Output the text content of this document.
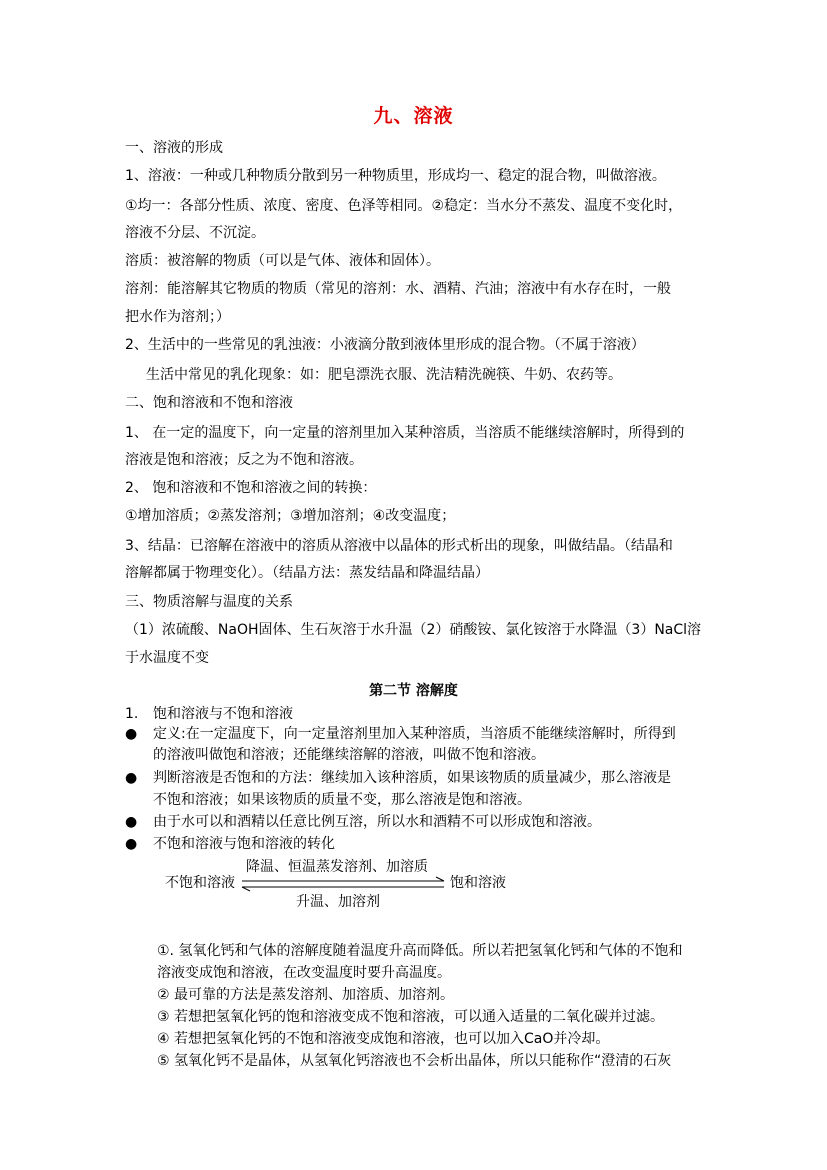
九、溶液
一、溶液的形成
1、溶液：一种或几种物质分散到另一种物质里，形成均一、稳定的混合物，叫做溶液。
①均一：各部分性质、浓度、密度、色泽等相同。②稳定：当水分不蒸发、温度不变化时，
溶液不分层、不沉淀。
溶质：被溶解的物质（可以是气体、液体和固体）。
溶剂：能溶解其它物质的物质（常见的溶剂：水、酒精、汽油；溶液中有水存在时，一般
把水作为溶剂；）
2、生活中的一些常见的乳浊液：小液滴分散到液体里形成的混合物。（不属于溶液）
生活中常见的乳化现象：如：肥皂漂洗衣服、洗洁精洗碗筷、牛奶、农药等。
二、饱和溶液和不饱和溶液
1、 在一定的温度下，向一定量的溶剂里加入某种溶质，当溶质不能继续溶解时，所得到的
溶液是饱和溶液；反之为不饱和溶液。
2、 饱和溶液和不饱和溶液之间的转换：
①增加溶质；②蒸发溶剂；③增加溶剂；④改变温度；
3、结晶：已溶解在溶液中的溶质从溶液中以晶体的形式析出的现象，叫做结晶。（结晶和
溶解都属于物理变化）。（结晶方法：蒸发结晶和降温结晶）
三、物质溶解与温度的关系
（1）浓硫酸、NaOH固体、生石灰溶于水升温（2）硝酸铵、氯化铵溶于水降温（3）NaCl溶
于水温度不变
第二节 溶解度
1. 饱和溶液与不饱和溶液
● 定义:在一定温度下，向一定量溶剂里加入某种溶质，当溶质不能继续溶解时，所得到
的溶液叫做饱和溶液；还能继续溶解的溶液，叫做不饱和溶液。
● 判断溶液是否饱和的方法：继续加入该种溶质，如果该物质的质量减少，那么溶液是
不饱和溶液；如果该物质的质量不变，那么溶液是饱和溶液。
● 由于水可以和酒精以任意比例互溶，所以水和酒精不可以形成饱和溶液。
● 不饱和溶液与饱和溶液的转化
降温、恒温蒸发溶剂、加溶质
不饱和溶液	饱和溶液
升温、加溶剂
①. 氢氧化钙和气体的溶解度随着温度升高而降低。所以若把氢氧化钙和气体的不饱和
溶液变成饱和溶液，在改变温度时要升高温度。
② 最可靠的方法是蒸发溶剂、加溶质、加溶剂。
③ 若想把氢氧化钙的饱和溶液变成不饱和溶液，可以通入适量的二氧化碳并过滤。
④ 若想把氢氧化钙的不饱和溶液变成饱和溶液，也可以加入CaO并冷却。
⑤ 氢氧化钙不是晶体，从氢氧化钙溶液也不会析出晶体，所以只能称作“澄清的石灰
